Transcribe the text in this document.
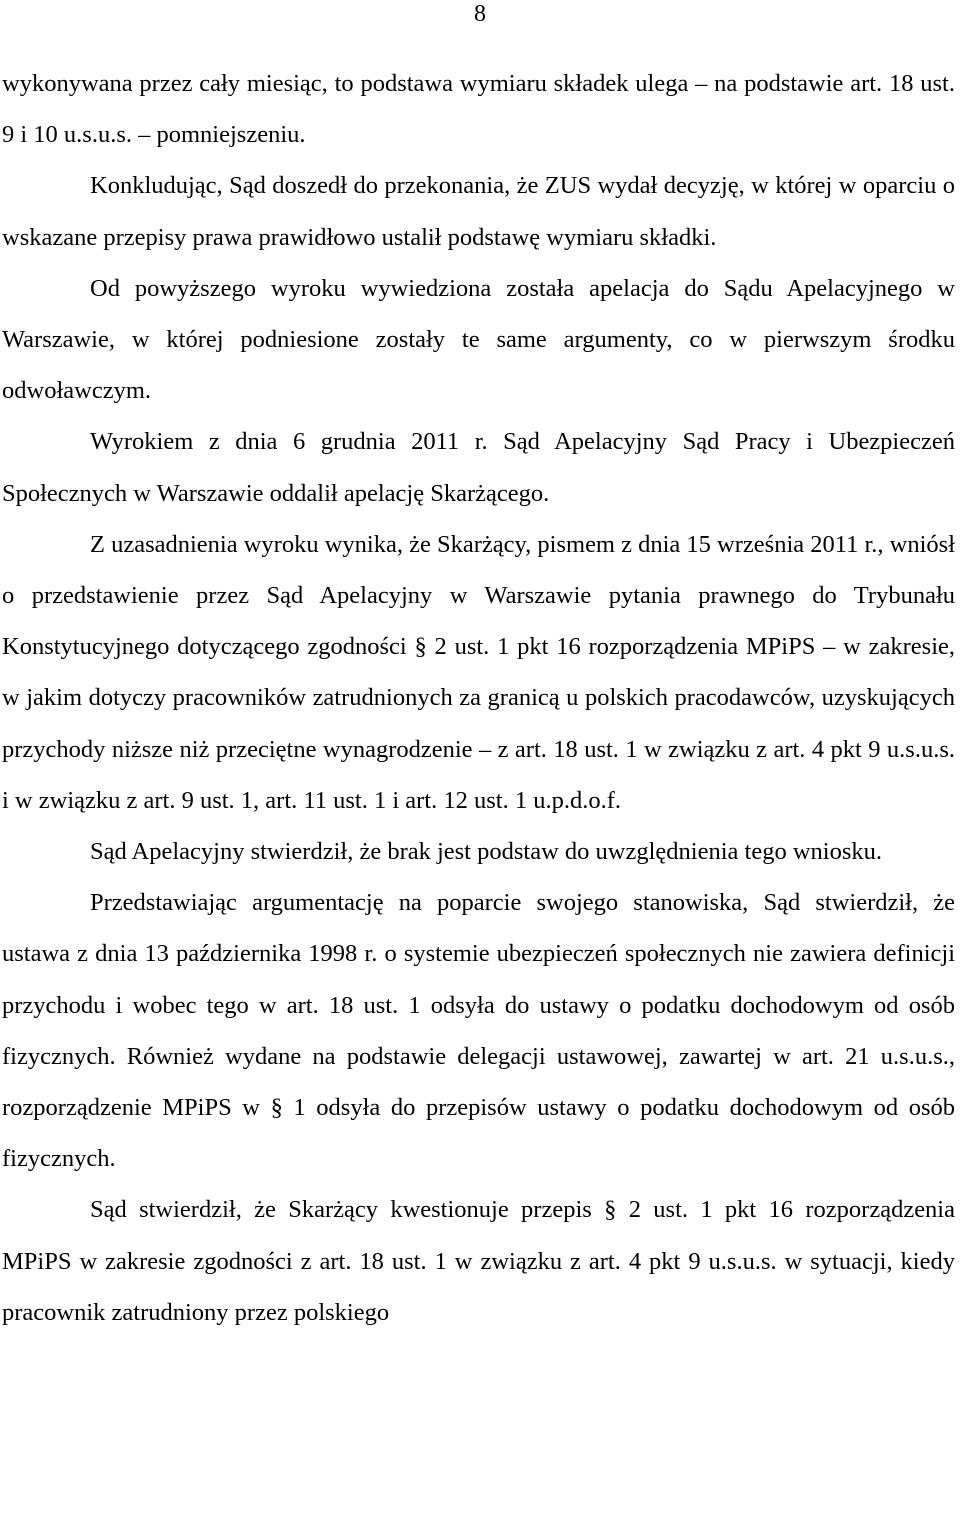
8

wykonywana przez cały miesiąc, to podstawa wymiaru składek ulega – na podstawie art. 18 ust. 9 i 10 u.s.u.s. – pomniejszeniu.

Konkludując, Sąd doszedł do przekonania, że ZUS wydał decyzję, w której w oparciu o wskazane przepisy prawa prawidłowo ustalił podstawę wymiaru składki.

Od powyższego wyroku wywiedziona została apelacja do Sądu Apelacyjnego w Warszawie, w której podniesione zostały te same argumenty, co w pierwszym środku odwoławczym.

Wyrokiem z dnia 6 grudnia 2011 r. Sąd Apelacyjny Sąd Pracy i Ubezpieczeń Społecznych w Warszawie oddalił apelację Skarżącego.

Z uzasadnienia wyroku wynika, że Skarżący, pismem z dnia 15 września 2011 r., wniósł o przedstawienie przez Sąd Apelacyjny w Warszawie pytania prawnego do Trybunału Konstytucyjnego dotyczącego zgodności § 2 ust. 1 pkt 16 rozporządzenia MPiPS – w zakresie, w jakim dotyczy pracowników zatrudnionych za granicą u polskich pracodawców, uzyskujących przychody niższe niż przeciętne wynagrodzenie – z art. 18 ust. 1 w związku z art. 4 pkt 9 u.s.u.s. i w związku z art. 9 ust. 1, art. 11 ust. 1 i art. 12 ust. 1 u.p.d.o.f.

Sąd Apelacyjny stwierdził, że brak jest podstaw do uwzględnienia tego wniosku.

Przedstawiając argumentację na poparcie swojego stanowiska, Sąd stwierdził, że ustawa z dnia 13 października 1998 r. o systemie ubezpieczeń społecznych nie zawiera definicji przychodu i wobec tego w art. 18 ust. 1 odsyła do ustawy o podatku dochodowym od osób fizycznych. Również wydane na podstawie delegacji ustawowej, zawartej w art. 21 u.s.u.s., rozporządzenie MPiPS w § 1 odsyła do przepisów ustawy o podatku dochodowym od osób fizycznych.

Sąd stwierdził, że Skarżący kwestionuje przepis § 2 ust. 1 pkt 16 rozporządzenia MPiPS w zakresie zgodności z art. 18 ust. 1 w związku z art. 4 pkt 9 u.s.u.s. w sytuacji, kiedy pracownik zatrudniony przez polskiego
